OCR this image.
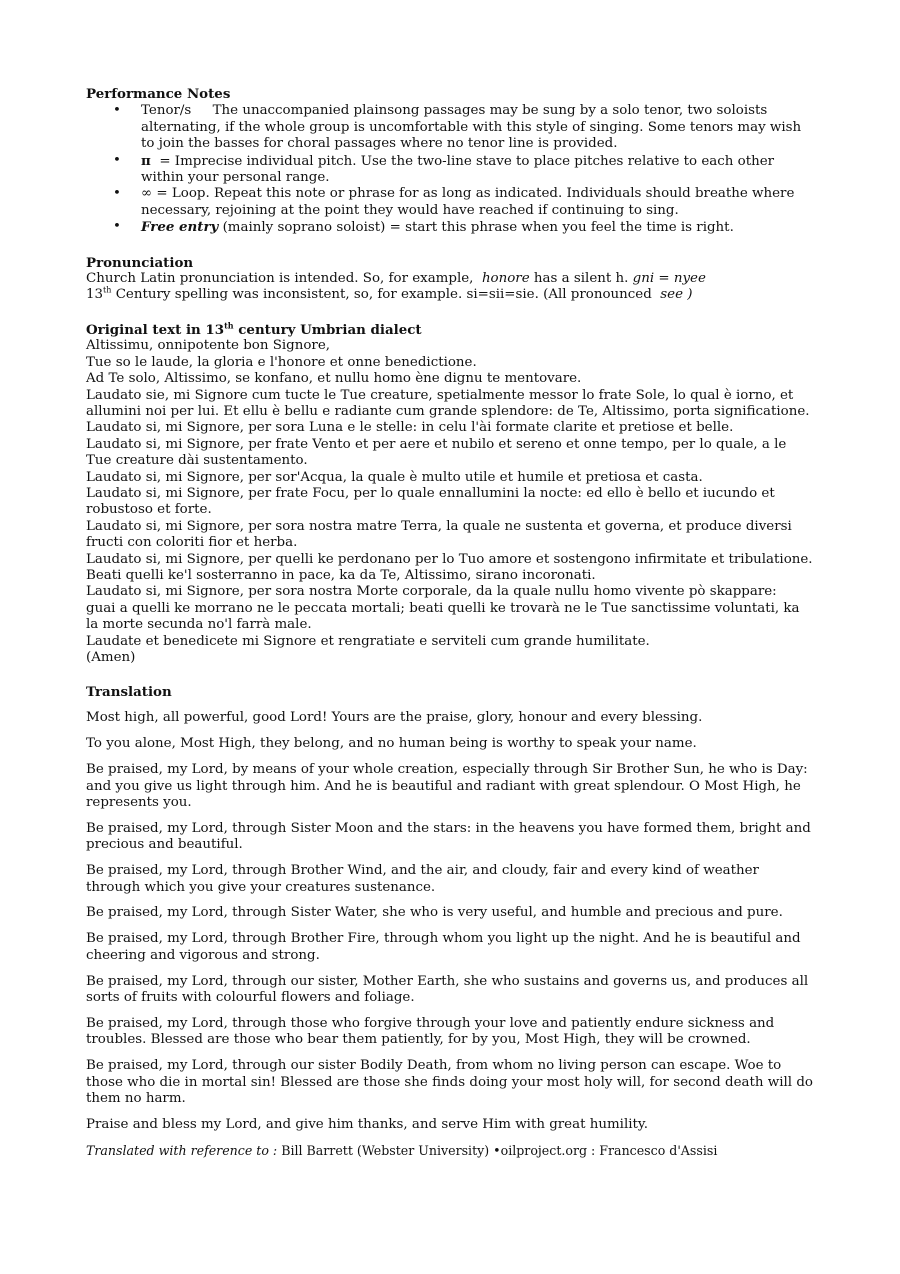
Performance Notes
• Tenor/s The unaccompanied plainsong passages may be sung by a solo tenor, two soloists alternating, if the whole group is uncomfortable with this style of singing. Some tenors may wish to join the basses for choral passages where no tenor line is provided.
• π = Imprecise individual pitch. Use the two-line stave to place pitches relative to each other within your personal range.
• ∞ = Loop. Repeat this note or phrase for as long as indicated. Individuals should breathe where necessary, rejoining at the point they would have reached if continuing to sing.
• Free entry (mainly soprano soloist) = start this phrase when you feel the time is right.
Pronunciation
Church Latin pronunciation is intended. So, for example, honore has a silent h. gni = nyee
13th Century spelling was inconsistent, so, for example. si=sii=sie. (All pronounced see )
Original text in 13th century Umbrian dialect
Altissimu, onnipotente bon Signore,
Tue so le laude, la gloria e l'honore et onne benedictione.
Ad Te solo, Altissimo, se konfano, et nullu homo ène dignu te mentovare.
Laudato sie, mi Signore cum tucte le Tue creature, spetialmente messor lo frate Sole, lo qual è iorno, et allumini noi per lui. Et ellu è bellu e radiante cum grande splendore: de Te, Altissimo, porta significatione.
Laudato si, mi Signore, per sora Luna e le stelle: in celu l'ài formate clarite et pretiose et belle.
Laudato si, mi Signore, per frate Vento et per aere et nubilo et sereno et onne tempo, per lo quale, a le Tue creature dài sustentamento.
Laudato si, mi Signore, per sor'Acqua, la quale è multo utile et humile et pretiosa et casta.
Laudato si, mi Signore, per frate Focu, per lo quale ennallumini la nocte: ed ello è bello et iucundo et robustoso et forte.
Laudato si, mi Signore, per sora nostra matre Terra, la quale ne sustenta et governa, et produce diversi fructi con coloriti fior et herba.
Laudato si, mi Signore, per quelli ke perdonano per lo Tuo amore et sostengono infirmitate et tribulatione.
Beati quelli ke'l sosterranno in pace, ka da Te, Altissimo, sirano incoronati.
Laudato si, mi Signore, per sora nostra Morte corporale, da la quale nullu homo vivente pò skappare:
guai a quelli ke morrano ne le peccata mortali; beati quelli ke trovarà ne le Tue sanctissime voluntati, ka la morte secunda no'l farrà male.
Laudate et benedicete mi Signore et rengratiate e serviteli cum grande humilitate.
(Amen)
Translation

Most high, all powerful, good Lord! Yours are the praise, glory, honour and every blessing.

To you alone, Most High, they belong, and no human being is worthy to speak your name.

Be praised, my Lord, by means of your whole creation, especially through Sir Brother Sun, he who is Day: and you give us light through him. And he is beautiful and radiant with great splendour. O Most High, he represents you.

Be praised, my Lord, through Sister Moon and the stars: in the heavens you have formed them, bright and precious and beautiful.

Be praised, my Lord, through Brother Wind, and the air, and cloudy, fair and every kind of weather through which you give your creatures sustenance.

Be praised, my Lord, through Sister Water, she who is very useful, and humble and precious and pure.

Be praised, my Lord, through Brother Fire, through whom you light up the night. And he is beautiful and cheering and vigorous and strong.

Be praised, my Lord, through our sister, Mother Earth, she who sustains and governs us, and produces all sorts of fruits with colourful flowers and foliage.

Be praised, my Lord, through those who forgive through your love and patiently endure sickness and troubles. Blessed are those who bear them patiently, for by you, Most High, they will be crowned.

Be praised, my Lord, through our sister Bodily Death, from whom no living person can escape. Woe to those who die in mortal sin! Blessed are those she finds doing your most holy will, for second death will do them no harm.

Praise and bless my Lord, and give him thanks, and serve Him with great humility.

Translated with reference to : Bill Barrett (Webster University) •oilproject.org : Francesco d'Assisi
